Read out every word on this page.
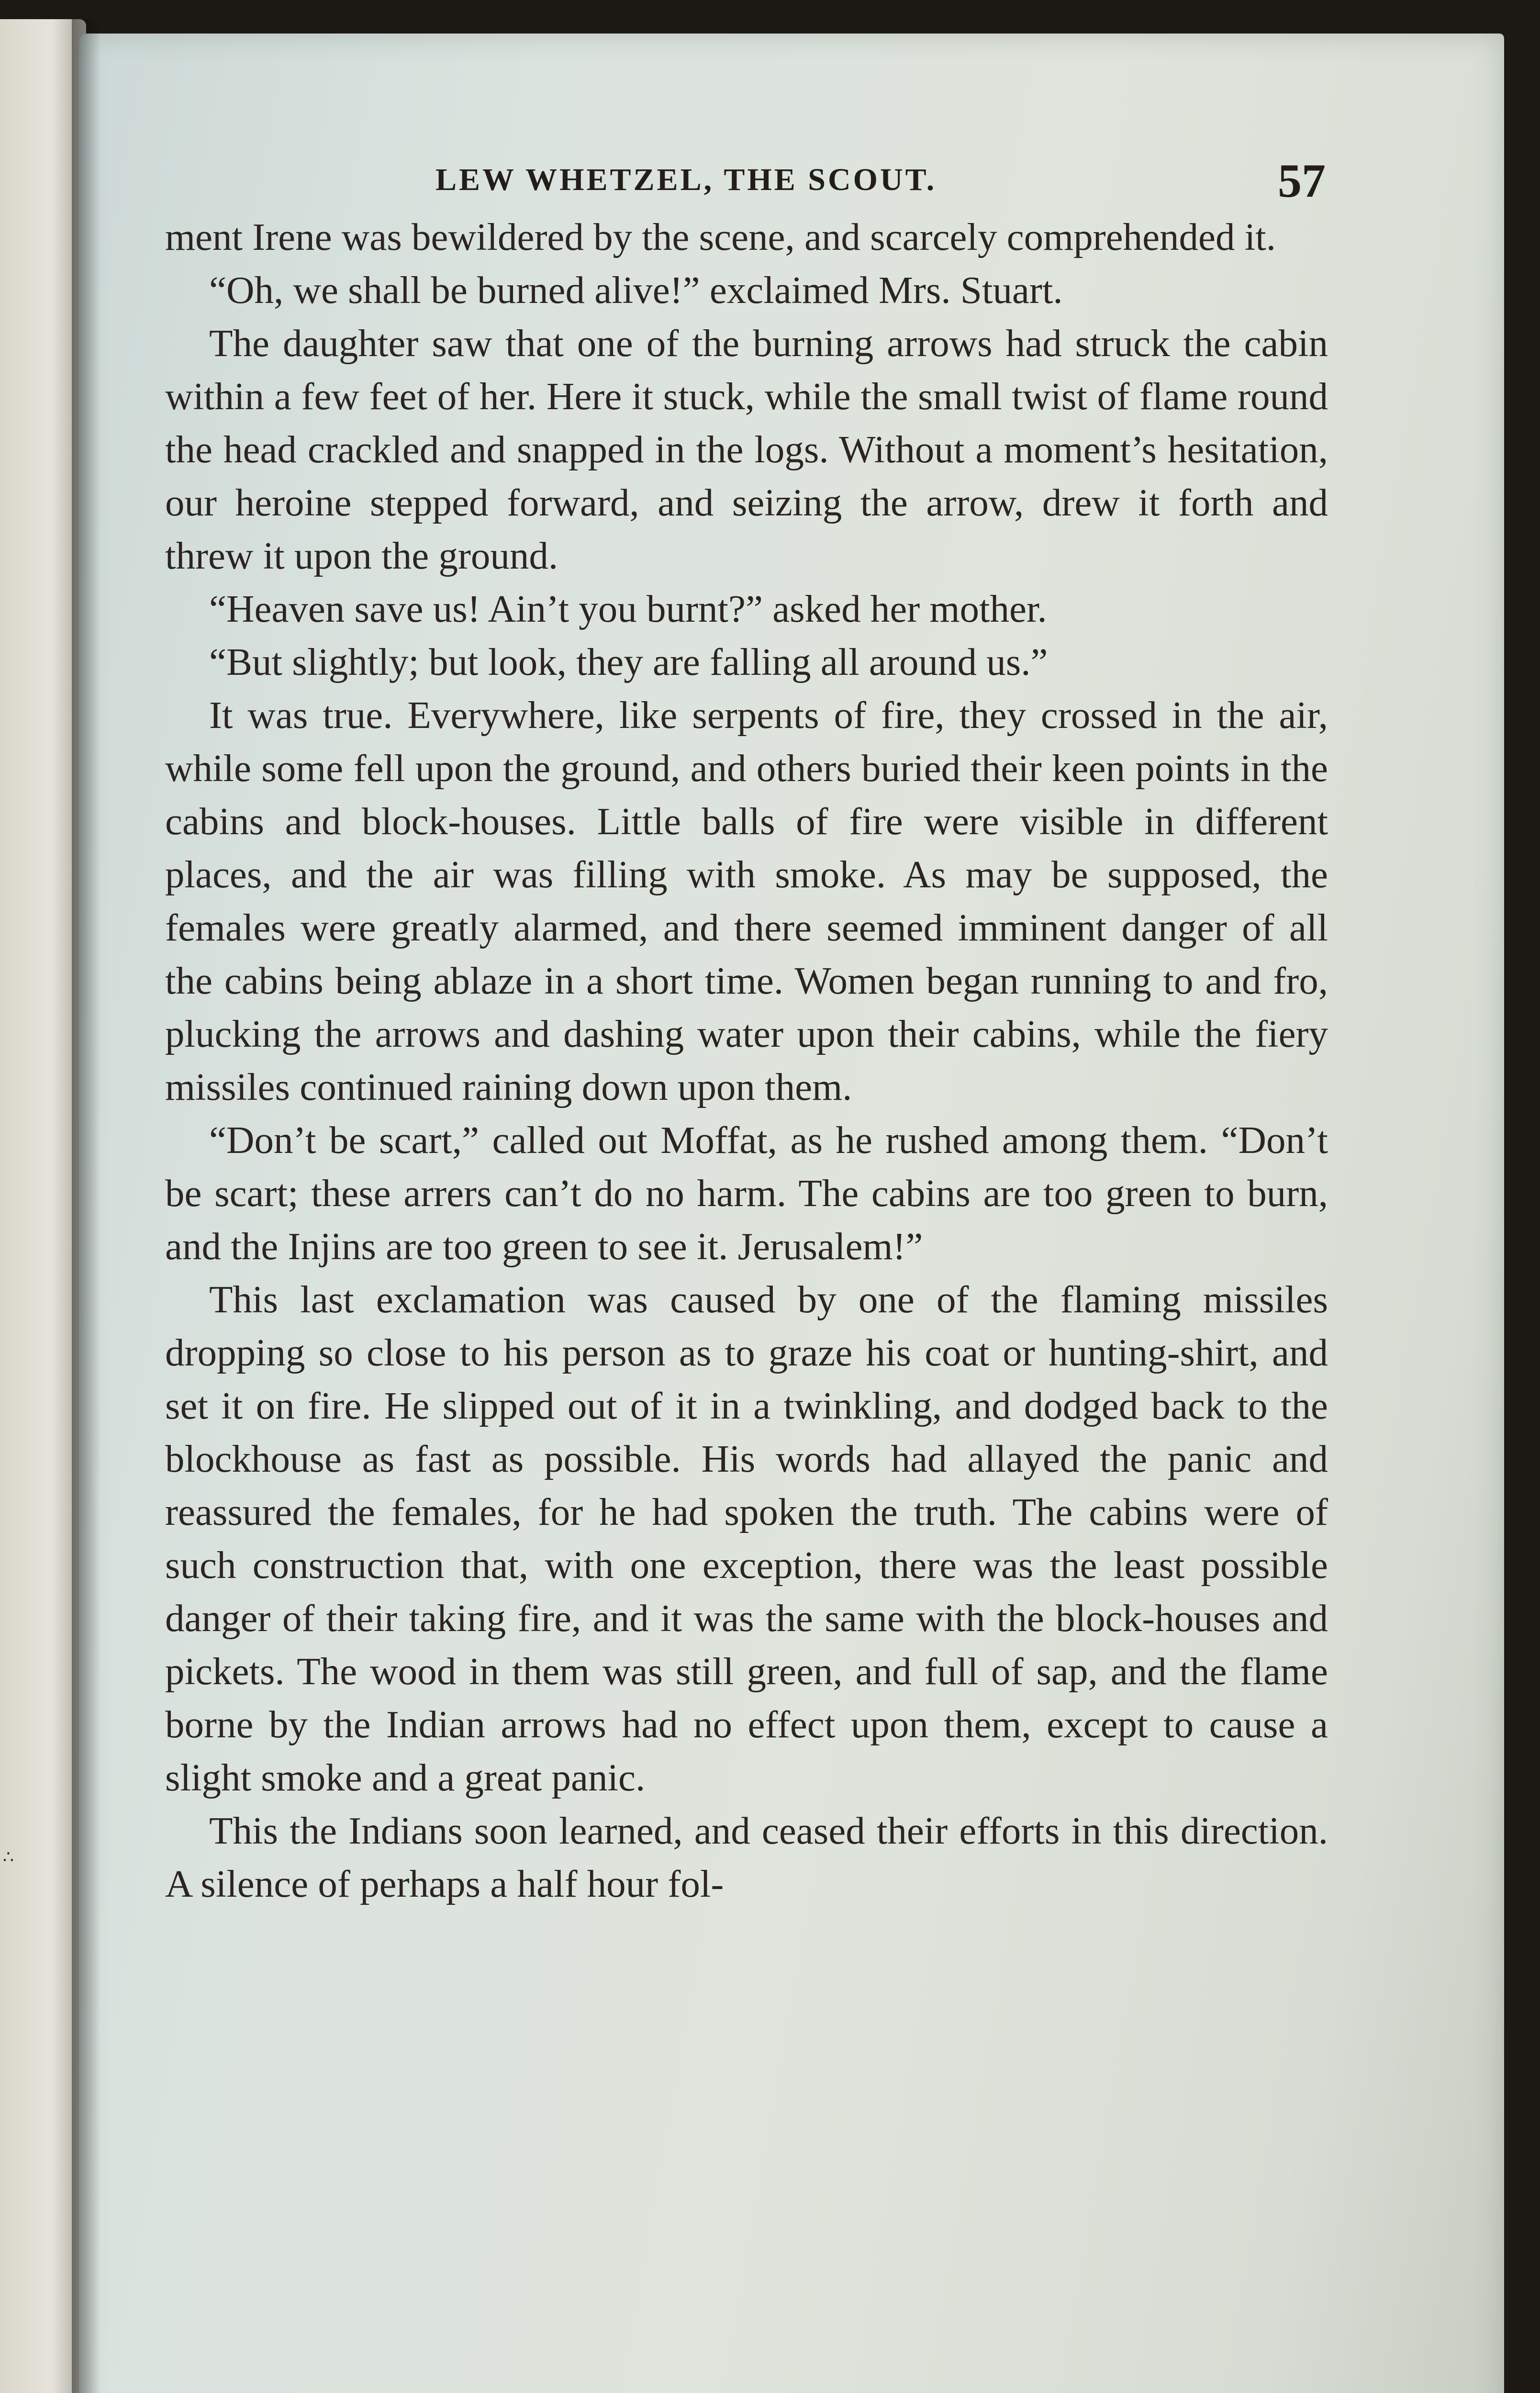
∴
LEW WHETZEL, THE SCOUT.	57

ment Irene was bewildered by the scene, and scarcely comprehended it.

“Oh, we shall be burned alive!” exclaimed Mrs. Stuart.

The daughter saw that one of the burning arrows had struck the cabin within a few feet of her. Here it stuck, while the small twist of flame round the head crackled and snapped in the logs. Without a moment’s hesitation, our heroine stepped forward, and seizing the arrow, drew it forth and threw it upon the ground.

“Heaven save us! Ain’t you burnt?” asked her mother.

“But slightly; but look, they are falling all around us.”

It was true. Everywhere, like serpents of fire, they crossed in the air, while some fell upon the ground, and others buried their keen points in the cabins and block-houses. Little balls of fire were visible in different places, and the air was filling with smoke. As may be supposed, the females were greatly alarmed, and there seemed imminent danger of all the cabins being ablaze in a short time. Women began running to and fro, plucking the arrows and dashing water upon their cabins, while the fiery missiles continued raining down upon them.

“Don’t be scart,” called out Moffat, as he rushed among them. “Don’t be scart; these arrers can’t do no harm. The cabins are too green to burn, and the Injins are too green to see it. Jerusalem!”

This last exclamation was caused by one of the flaming missiles dropping so close to his person as to graze his coat or hunting-shirt, and set it on fire. He slipped out of it in a twinkling, and dodged back to the blockhouse as fast as possible. His words had allayed the panic and reassured the females, for he had spoken the truth. The cabins were of such construction that, with one exception, there was the least possible danger of their taking fire, and it was the same with the block-houses and pickets. The wood in them was still green, and full of sap, and the flame borne by the Indian arrows had no effect upon them, except to cause a slight smoke and a great panic.

This the Indians soon learned, and ceased their efforts in this direction. A silence of perhaps a half hour fol-
